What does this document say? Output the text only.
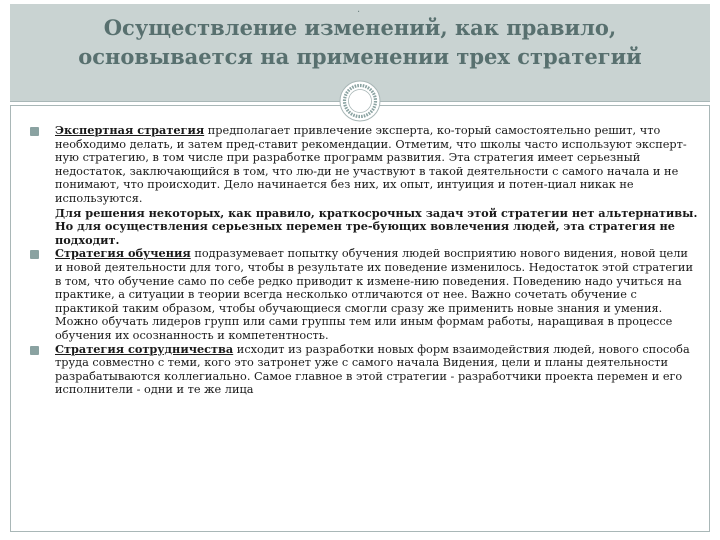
.
Осуществление изменений, как правило,
основывается на применении трех стратегий
Экспертная стратегия предполагает привлечение эксперта, ко-торый самостоятельно решит, что необходимо делать, и затем пред-ставит рекомендации. Отметим, что школы часто используют эксперт-ную стратегию, в том числе при разработке программ развития. Эта стратегия имеет серьезный недостаток, заключающийся в том, что лю-ди не участвуют в такой деятельности с самого начала и не понимают, что происходит. Дело начинается без них, их опыт, интуиция и потен-циал никак не используются.
Для решения некоторых, как правило, краткосрочных задач этой стратегии нет альтернативы. Но для осуществления серьезных перемен тре-бующих вовлечения людей, эта стратегия не подходит.
Стратегия обучения подразумевает попытку обучения людей восприятию нового видения, новой цели и новой деятельности для того, чтобы в результате их поведение изменилось. Недостаток этой стратегии в том, что обучение само по себе редко приводит к измене-нию поведения. Поведению надо учиться на практике, а ситуации в теории всегда несколько отличаются от нее. Важно сочетать обучение с практикой таким образом, чтобы обучающиеся смогли сразу же применить новые знания и умения. Можно обучать лидеров групп или сами группы тем или иным формам работы, наращивая в процессе обучения их осознанность и компетентность.
Стратегия сотрудничества исходит из разработки новых форм взаимодействия людей, нового способа труда совместно с теми, кого это затронет уже с самого начала Видения, цели и планы деятельности разрабатываются коллегиально. Самое главное в этой стратегии - разработчики проекта перемен и его исполнители - одни и те же лица
